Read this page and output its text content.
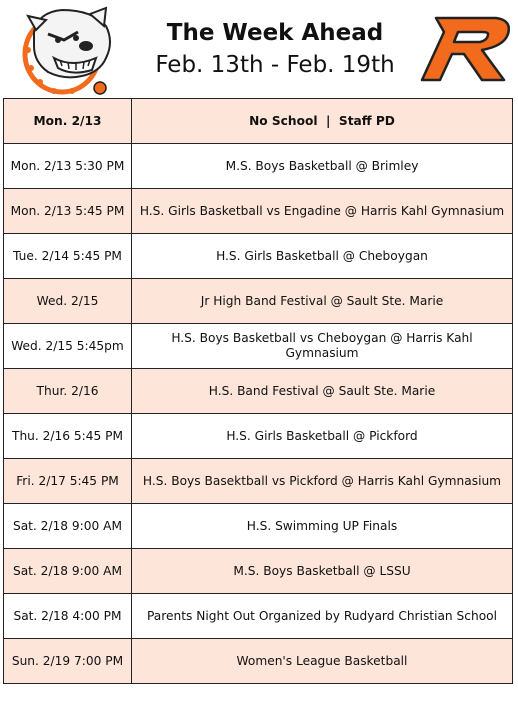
The Week Ahead
Feb. 13th - Feb. 19th
Mon. 2/13	No School  |  Staff PD
Mon. 2/13 5:30 PM	M.S. Boys Basketball @ Brimley
Mon. 2/13 5:45 PM	H.S. Girls Basketball vs Engadine @ Harris Kahl Gymnasium
Tue. 2/14 5:45 PM	H.S. Girls Basketball @ Cheboygan
Wed. 2/15	Jr High Band Festival @ Sault Ste. Marie
Wed. 2/15 5:45pm	H.S. Boys Basketball vs Cheboygan @ Harris Kahl Gymnasium
Thur. 2/16	H.S. Band Festival @ Sault Ste. Marie
Thu. 2/16 5:45 PM	H.S. Girls Basketball @ Pickford
Fri. 2/17 5:45 PM	H.S. Boys Basektball vs Pickford @ Harris Kahl Gymnasium
Sat. 2/18 9:00 AM	H.S. Swimming UP Finals
Sat. 2/18 9:00 AM	M.S. Boys Basketball @ LSSU
Sat. 2/18 4:00 PM	Parents Night Out Organized by Rudyard Christian School
Sun. 2/19 7:00 PM	Women's League Basketball
